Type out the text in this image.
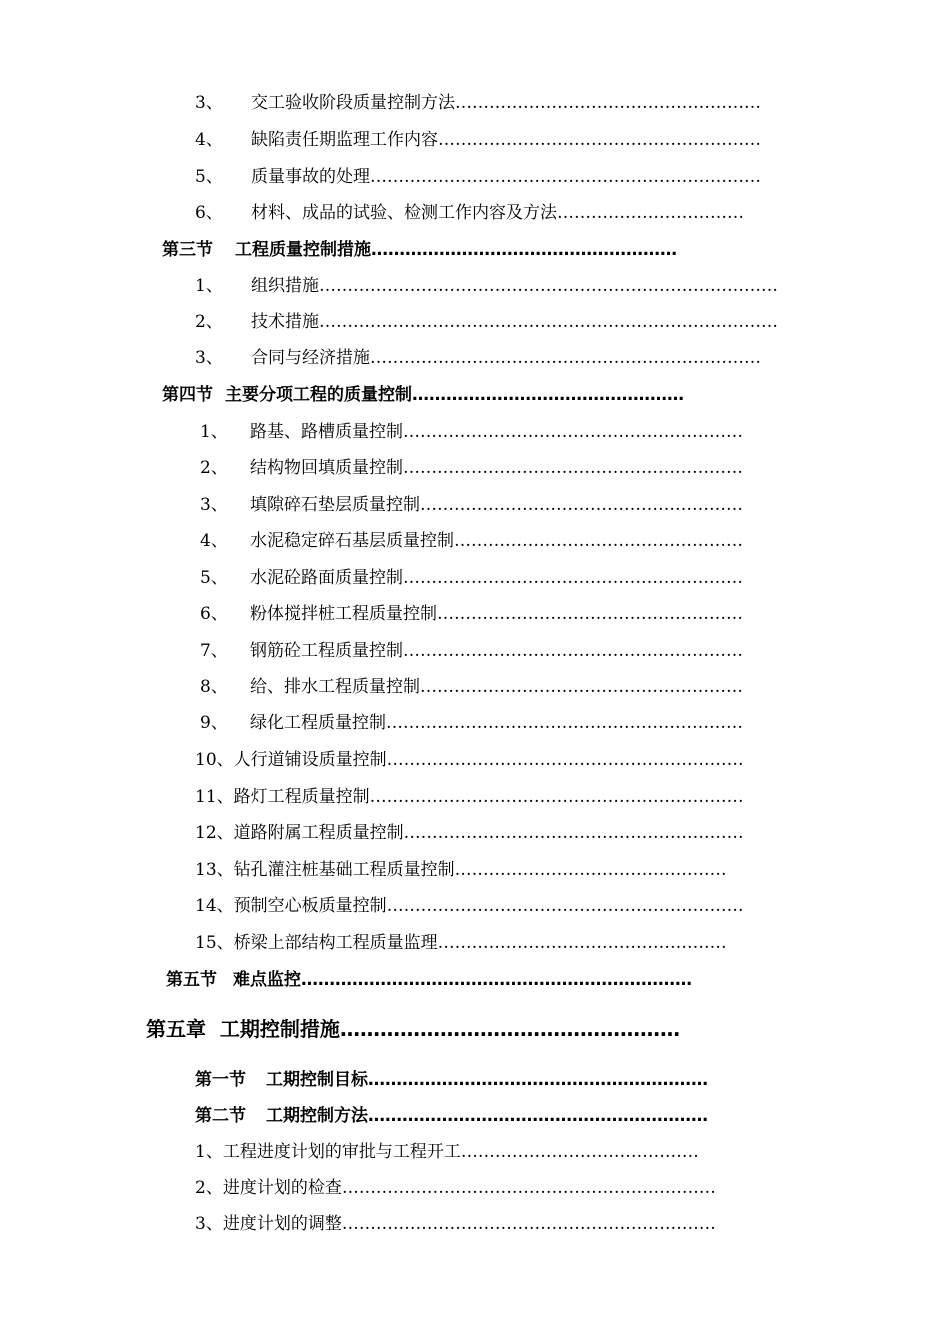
3、	交工验收阶段质量控制方法 ………………………………………………
4、	缺陷责任期监理工作内容 …………………………………………………
5、	质量事故的处理 ……………………………………………………………
6、	材料、成品的试验、检测工作内容及方法 ……………………………
第三节 工程质量控制措施 ………………………………………………
1、	组织措施 ………………………………………………………………………
2、	技术措施 ………………………………………………………………………
3、	合同与经济措施 ……………………………………………………………
第四节 主要分项工程的质量控制 …………………………………………
1、	路基、路槽质量控制 ……………………………………………………
2、	结构物回填质量控制 ……………………………………………………
3、	填隙碎石垫层质量控制 …………………………………………………
4、	水泥稳定碎石基层质量控制 ……………………………………………
5、	水泥砼路面质量控制 ……………………………………………………
6、	粉体搅拌桩工程质量控制 ………………………………………………
7、	钢筋砼工程质量控制 ……………………………………………………
8、	给、排水工程质量控制 …………………………………………………
9、	绿化工程质量控制 ………………………………………………………
10、人行道铺设质量控制 ………………………………………………………
11、路灯工程质量控制 …………………………………………………………
12、道路附属工程质量控制 ……………………………………………………
13、钻孔灌注桩基础工程质量控制 …………………………………………
14、预制空心板质量控制 ………………………………………………………
15、桥梁上部结构工程质量监理 ……………………………………………
第五节 难点监控 ……………………………………………………………
第五章  工期控制措施 ……………………………………………
第一节 工期控制目标 ……………………………………………………
第二节 工期控制方法 ……………………………………………………
1、工程进度计划的审批与工程开工 ……………………………………
2、进度计划的检查 …………………………………………………………
3、进度计划的调整 …………………………………………………………
